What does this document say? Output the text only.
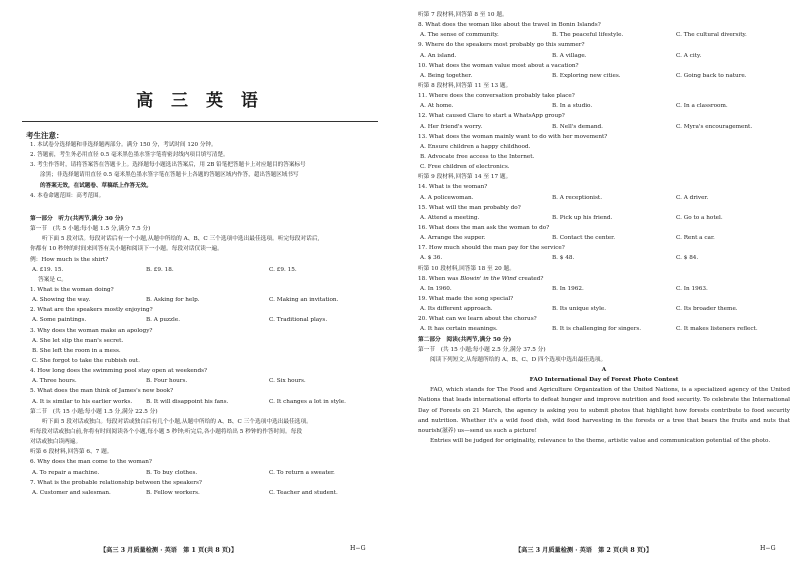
高 三 英 语
考生注意：
1. 本试卷分选择题和非选择题两部分。满分 150 分，考试时间 120 分钟。
2. 答题前，考生务必用直径 0.5 毫米黑色墨水签字笔将密封线内项目填写清楚。
3. 考生作答时，请将答案答在答题卡上。选择题每小题选出答案后，用 2B 铅笔把答题卡上对应题目的答案标号
涂黑；非选择题请用直径 0.5 毫米黑色墨水签字笔在答题卡上各题的答题区域内作答，超出答题区域书写
的答案无效，在试题卷、草稿纸上作答无效。
4. 本卷命题范围：高考范围。
第一部分　听力(共两节,满分 30 分)
第一节　(共 5 小题;每小题 1.5 分,满分 7.5 分)
听下面 5 段对话。每段对话后有一个小题,从题中所给的 A、B、C 三个选项中选出最佳选项。听完每段对话后,
你都有 10 秒钟的时间来回答有关小题和阅读下一小题。每段对话仅读一遍。
例：How much is the shirt?
A. £19. 15.	B. £9. 18.	C. £9. 15.
答案是 C。
1. What is the woman doing?
A. Showing the way.	B. Asking for help.	C. Making an invitation.
2. What are the speakers mostly enjoying?
A. Some paintings.	B. A puzzle.	C. Traditional plays.
3. Why does the woman make an apology?
A. She let slip the man's secret.
B. She left the room in a mess.
C. She forgot to take the rubbish out.
4. How long does the swimming pool stay open at weekends?
A. Three hours.	B. Four hours.	C. Six hours.
5. What does the man think of James's new book?
A. It is similar to his earlier works.	B. It will disappoint his fans.	C. It changes a lot in style.
第二节　(共 15 小题;每小题 1.5 分,满分 22.5 分)
听下面 5 段对话或独白。每段对话或独白后有几个小题,从题中所给的 A、B、C 三个选项中选出最佳选项。
听每段对话或独白前,你将有时间阅读各个小题,每小题 5 秒钟;听完后,各小题将给出 5 秒钟的作答时间。每段
对话或独白读两遍。
听第 6 段材料,回答第 6、7 题。
6. Why does the man come to the woman?
A. To repair a machine.	B. To buy clothes.	C. To return a sweater.
7. What is the probable relationship between the speakers?
A. Customer and salesman.	B. Fellow workers.	C. Teacher and student.
【高三 3 月质量检测 · 英语　第 1 页(共 8 页)】	H−G
听第 7 段材料,回答第 8 至 10 题。
8. What does the woman like about the travel in Bonin Islands?
A. The sense of community.	B. The peaceful lifestyle.	C. The cultural diversity.
9. Where do the speakers most probably go this summer?
A. An island.	B. A village.	C. A city.
10. What does the woman value most about a vacation?
A. Being together.	B. Exploring new cities.	C. Going back to nature.
听第 8 段材料,回答第 11 至 13 题。
11. Where does the conversation probably take place?
A. At home.	B. In a studio.	C. In a classroom.
12. What caused Clare to start a WhatsApp group?
A. Her friend's worry.	B. Nell's demand.	C. Myra's encouragement.
13. What does the woman mainly want to do with her movement?
A. Ensure children a happy childhood.
B. Advocate free access to the Internet.
C. Free children of electronics.
听第 9 段材料,回答第 14 至 17 题。
14. What is the woman?
A. A policewoman.	B. A receptionist.	C. A driver.
15. What will the man probably do?
A. Attend a meeting.	B. Pick up his friend.	C. Go to a hotel.
16. What does the man ask the woman to do?
A. Arrange the supper.	B. Contact the center.	C. Rent a car.
17. How much should the man pay for the service?
A. $ 36.	B. $ 48.	C. $ 84.
听第 10 段材料,回答第 18 至 20 题。
18. When was Blowin' in the Wind created?
A. In 1960.	B. In 1962.	C. In 1963.
19. What made the song special?
A. Its different approach.	B. Its unique style.	C. Its broader theme.
20. What can we learn about the chorus?
A. It has certain meanings.	B. It is challenging for singers.	C. It makes listeners reflect.
第二部分　阅读(共两节,满分 50 分)
第一节　(共 15 小题;每小题 2.5 分,满分 37.5 分)
阅读下列短文,从每题所给的 A、B、C、D 四个选项中选出最佳选项。
A
FAO International Day of Forest Photo Contest
FAO, which stands for The Food and Agriculture Organization of the United Nations, is a specialized agency of the United Nations that leads international efforts to defeat hunger and improve nutrition and food security. To celebrate the International Day of Forests on 21 March, the agency is asking you to submit photos that highlight how forests contribute to food security and nutrition. Whether it's a wild food dish, wild food harvesting in the forests or a tree that bears the fruits and nuts that nourish(滋养) us—send us such a picture!
Entries will be judged for originality, relevance to the theme, artistic value and communication potential of the photo.
【高三 3 月质量检测 · 英语　第 2 页(共 8 页)】	H−G
